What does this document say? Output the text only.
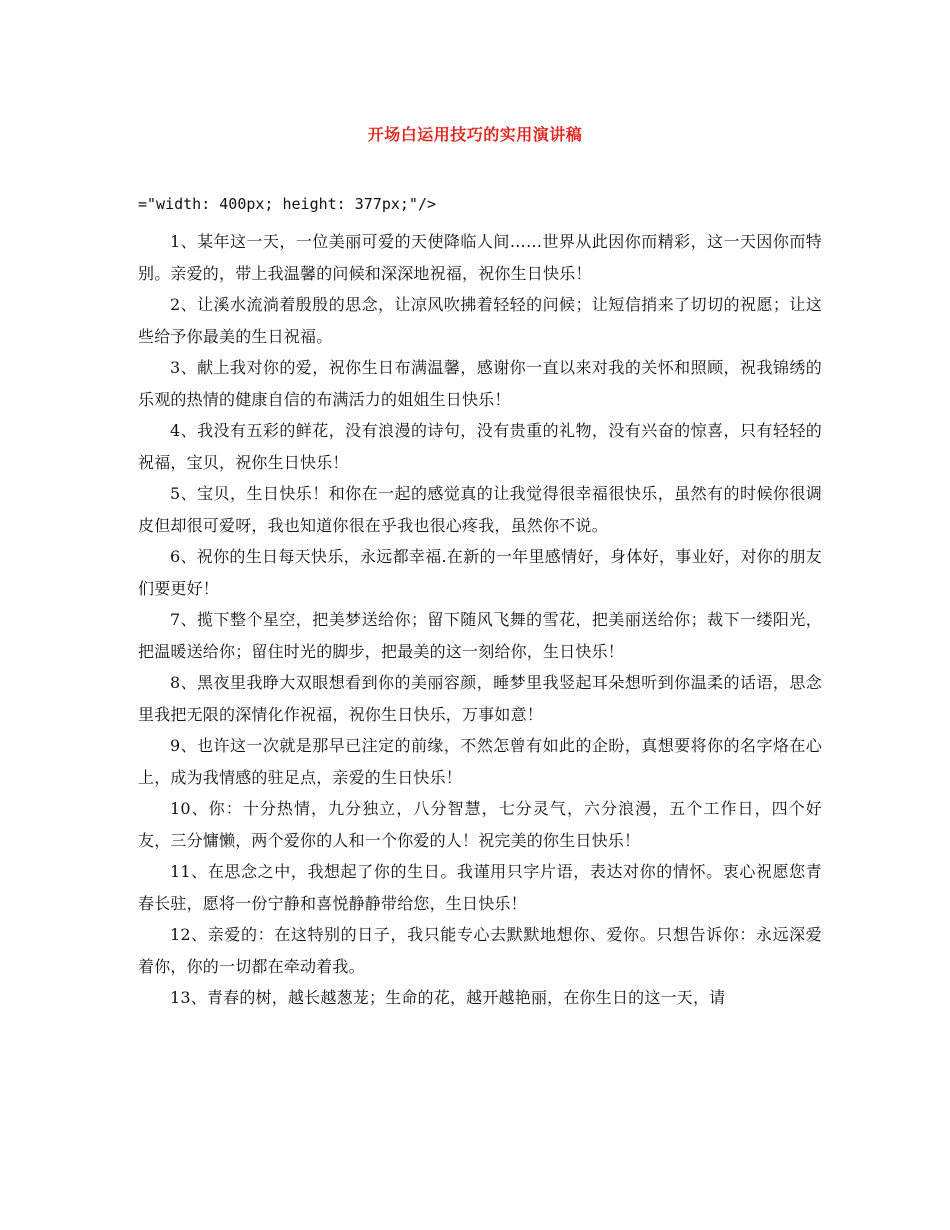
开场白运用技巧的实用演讲稿
="width: 400px; height: 377px;"/>

1、某年这一天，一位美丽可爱的天使降临人间……世界从此因你而精彩，这一天因你而特别。亲爱的，带上我温馨的问候和深深地祝福，祝你生日快乐！

2、让溪水流淌着殷殷的思念，让凉风吹拂着轻轻的问候；让短信捎来了切切的祝愿；让这些给予你最美的生日祝福。

3、献上我对你的爱，祝你生日布满温馨，感谢你一直以来对我的关怀和照顾，祝我锦绣的乐观的热情的健康自信的布满活力的姐姐生日快乐！

4、我没有五彩的鲜花，没有浪漫的诗句，没有贵重的礼物，没有兴奋的惊喜，只有轻轻的祝福，宝贝，祝你生日快乐！

5、宝贝，生日快乐！和你在一起的感觉真的让我觉得很幸福很快乐，虽然有的时候你很调皮但却很可爱呀，我也知道你很在乎我也很心疼我，虽然你不说。

6、祝你的生日每天快乐，永远都幸福.在新的一年里感情好，身体好，事业好，对你的朋友们要更好！

7、揽下整个星空，把美梦送给你；留下随风飞舞的雪花，把美丽送给你；裁下一缕阳光，把温暖送给你；留住时光的脚步，把最美的这一刻给你，生日快乐！

8、黑夜里我睁大双眼想看到你的美丽容颜，睡梦里我竖起耳朵想听到你温柔的话语，思念里我把无限的深情化作祝福，祝你生日快乐，万事如意！

9、也许这一次就是那早已注定的前缘，不然怎曾有如此的企盼，真想要将你的名字烙在心上，成为我情感的驻足点，亲爱的生日快乐！

10、你：十分热情，九分独立，八分智慧，七分灵气，六分浪漫，五个工作日，四个好友，三分慵懒，两个爱你的人和一个你爱的人！祝完美的你生日快乐！

11、在思念之中，我想起了你的生日。我谨用只字片语，表达对你的情怀。衷心祝愿您青春长驻，愿将一份宁静和喜悦静静带给您，生日快乐！

12、亲爱的：在这特别的日子，我只能专心去默默地想你、爱你。只想告诉你：永远深爱着你，你的一切都在牵动着我。

13、青春的树，越长越葱茏；生命的花，越开越艳丽，在你生日的这一天，请
